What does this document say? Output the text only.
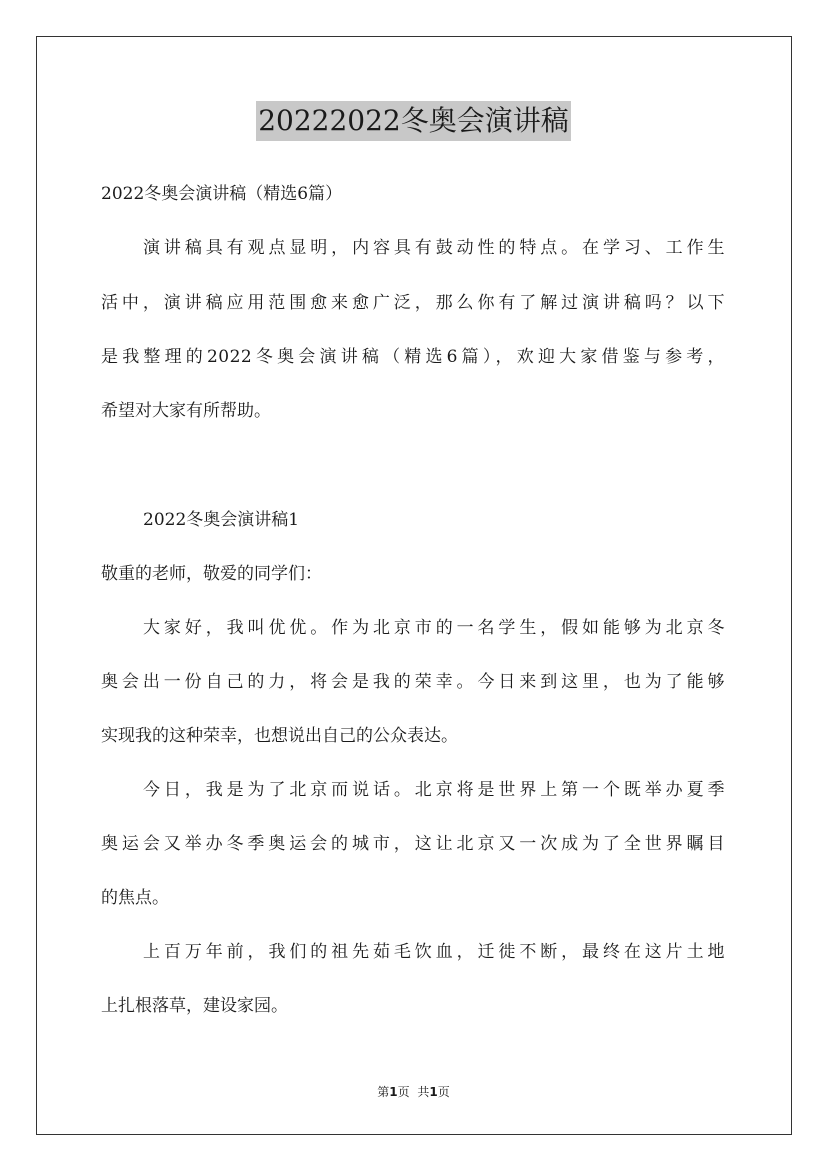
20222022冬奥会演讲稿
2022冬奥会演讲稿（精选6篇）
演讲稿具有观点显明，内容具有鼓动性的特点。在学习、工作生
活中，演讲稿应用范围愈来愈广泛，那么你有了解过演讲稿吗？以下
是我整理的2022冬奥会演讲稿（精选6篇），欢迎大家借鉴与参考，
希望对大家有所帮助。
2022冬奥会演讲稿1
敬重的老师，敬爱的同学们：
大家好，我叫优优。作为北京市的一名学生，假如能够为北京冬
奥会出一份自己的力，将会是我的荣幸。今日来到这里，也为了能够
实现我的这种荣幸，也想说出自己的公众表达。
今日，我是为了北京而说话。北京将是世界上第一个既举办夏季
奥运会又举办冬季奥运会的城市，这让北京又一次成为了全世界瞩目
的焦点。
上百万年前，我们的祖先茹毛饮血，迁徙不断，最终在这片土地
上扎根落草，建设家园。
第1页 共1页
